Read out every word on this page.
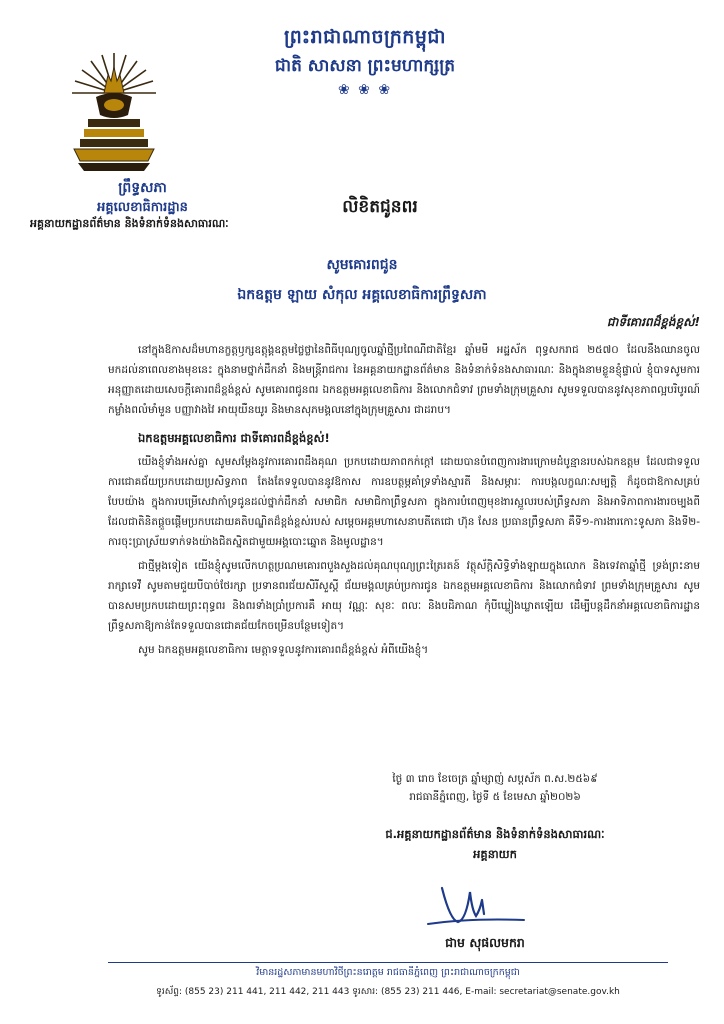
ព្រះរាជាណាចក្រកម្ពុជា
ជាតិ សាសនា ព្រះមហាក្សត្រ
❀ ❀ ❀
ព្រឹទ្ធសភា
អគ្គលេខាធិការដ្ឋាន
អគ្គនាយកដ្ឋានព័ត៌មាន និងទំនាក់ទំនងសាធារណៈ
លិខិតជូនពរ
សូមគោរពជូន
ឯកឧត្តម ឡាយ សំកុល អគ្គលេខាធិការព្រឹទ្ធសភា
ជាទីគោរពដ៏ខ្ពង់ខ្ពស់!

នៅក្នុងឱកាសដ៏មហានក្ខត្តឫក្សឧត្តុង្គឧត្តមថ្លៃថ្លានៃពិធីបុណ្យចូលឆ្នាំថ្មីប្រពៃណីជាតិខ្មែរ ឆ្នាំមមី អដ្ឋស័ក ពុទ្ធសករាជ ២៥៧០ ដែលនឹងឈានចូលមកដល់នាពេលខាងមុខនេះ ក្នុងនាមថ្នាក់ដឹកនាំ និងមន្ត្រីរាជការ នៃអគ្គនាយកដ្ឋានព័ត៌មាន និងទំនាក់ទំនងសាធារណៈ និងក្នុងនាមខ្លួនខ្ញុំផ្ទាល់ ខ្ញុំបាទសូមការអនុញ្ញាតដោយសេចក្តីគោរពដ៏ខ្ពង់ខ្ពស់ សូមគោរពជូនពរ ឯកឧត្តមអគ្គលេខាធិការ និងលោកជំទាវ ព្រមទាំងក្រុមគ្រួសារ សូមទទួលបាននូវសុខភាពល្អបរិបូរណ៍ កម្លាំងពលំមាំមួន បញ្ញាវាងវៃ អាយុយឺនយូរ និងមានសុភមង្គលនៅក្នុងក្រុមគ្រួសារ ជាដរាប។

ឯកឧត្តមអគ្គលេខាធិការ ជាទីគោរពដ៏ខ្ពង់ខ្ពស់!

យើងខ្ញុំទាំងអស់គ្នា សូមសម្តែងនូវការគោរពដឹងគុណ ប្រកបដោយភាពកក់ក្តៅ ដោយបានបំពេញការងារក្រោមដំបូន្មានរបស់ឯកឧត្តម ដែលជាទទួលការជោគជ័យប្រកបដោយប្រសិទ្ធភាព តែងតែទទួលបាននូវឱកាស ការឧបត្ថម្ភគាំទ្រទាំងស្មារតី និងសម្ភារៈ ការបង្កលក្ខណៈសម្បត្តិ ក៏ដូចជាឱកាសគ្រប់បែបយ៉ាង ក្នុងការបម្រើសេវាកាំទ្រជូនដល់ថ្នាក់ដឹកនាំ សមាជិក សមាជិកាព្រឹទ្ធសភា ក្នុងការបំពេញមុខងារស្អួលរបស់ព្រឹទ្ធសភា និងអាទិភាពការងារចម្បងពីដែលជាតិនិតផ្តួចផ្តើមប្រកបដោយគតិបណ្ឌិតដ៏ខ្ពង់ខ្ពស់របស់ សម្តេចអគ្គមហាសេនាបតីតេជោ ហ៊ុន សែន ប្រធានព្រឹទ្ធសភា គឺទី១-ការងារកោះទូសភា និងទី២-ការចុះប្រាស្រ័យទាក់ទងយ៉ាងជិតស្និតជាមួយអង្គបោះឆ្នោត និងមូលដ្ឋាន។

ជាថ្មីម្តងទៀត យើងខ្ញុំសូមលើកហត្ថប្រណមគោរពបួងសួងដល់គុណបុណ្យព្រះត្រៃរតន៍ វត្ថុស័ក្តិសិទ្ធិទាំងឡាយក្នុងលោក និងទេវតាឆ្នាំថ្មី ទ្រង់ព្រះនាម រាក្សាទេវី សូមតាមជួយបីបាច់ថែរក្សា ប្រទានពរជ័យសិរីសួស្តី ជ័យមង្គលគ្រប់ប្រការជូន ឯកឧត្តមអគ្គលេខាធិការ និងលោកជំទាវ ព្រមទាំងក្រុមគ្រួសារ សូមបានសមប្រកបដោយព្រះពុទ្ធពរ និងពរទាំងប្រាំប្រការគឺ អាយុ វណ្ណៈ សុខៈ ពលៈ និងបដិភាណ កុំបីឃ្លៀងឃ្លាតឡើយ ដើម្បីបន្តដឹកនាំអគ្គលេខាធិការដ្ឋានព្រឹទ្ធសភាឱ្យកាន់តែទទួលបានជោគជ័យកែចម្រើនបន្ថែមទៀត។

សូម ឯកឧត្តមអគ្គលេខាធិការ មេត្តាទទួលនូវការគោរពដ៏ខ្ពង់ខ្ពស់ អំពីយើងខ្ញុំ។

ថ្ងៃ ៣ រោច ខែចេត្រ ឆ្នាំម្សាញ់ សប្តស័ក ព.ស.២៥៦៩
រាជធានីភ្នំពេញ, ថ្ងៃទី ៥ ខែមេសា ឆ្នាំ២០២៦
ជ.អគ្គនាយកដ្ឋានព័ត៌មាន និងទំនាក់ទំនងសាធារណៈ
អគ្គនាយក
ជាម សុផលមករា
វិមានរដ្ឋសភាមានមហាវិថីព្រះនរោត្តម រាជធានីភ្នំពេញ ព្រះរាជាណាចក្រកម្ពុជា
ទូរស័ព្ទ: (855 23) 211 441, 211 442, 211 443 ទូរសារ: (855 23) 211 446, E-mail: secretariat@senate.gov.kh
